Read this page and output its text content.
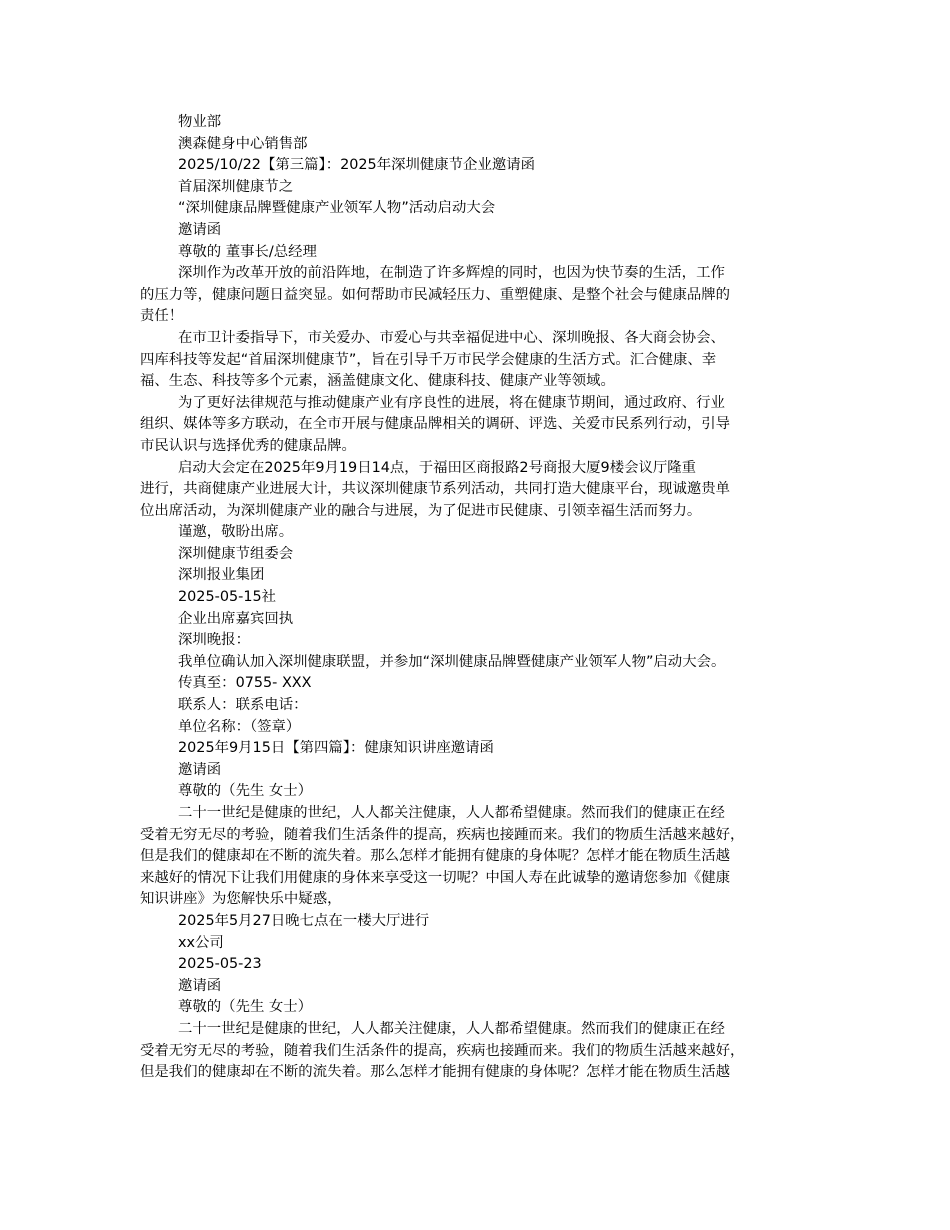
物业部

澳森健身中心销售部

2025/10/22【第三篇】：2025年深圳健康节企业邀请函

首届深圳健康节之

“深圳健康品牌暨健康产业领军人物”活动启动大会

邀请函

尊敬的 董事长/总经理

深圳作为改革开放的前沿阵地，在制造了许多辉煌的同时，也因为快节奏的生活，工作
的压力等，健康问题日益突显。如何帮助市民减轻压力、重塑健康、是整个社会与健康品牌的
责任！

在市卫计委指导下，市关爱办、市爱心与共幸福促进中心、深圳晚报、各大商会协会、
四库科技等发起“首届深圳健康节”，旨在引导千万市民学会健康的生活方式。汇合健康、幸
福、生态、科技等多个元素，涵盖健康文化、健康科技、健康产业等领域。

为了更好法律规范与推动健康产业有序良性的进展，将在健康节期间，通过政府、行业
组织、媒体等多方联动，在全市开展与健康品牌相关的调研、评选、关爱市民系列行动，引导
市民认识与选择优秀的健康品牌。

启动大会定在2025年9月19日14点，于福田区商报路2号商报大厦9楼会议厅隆重
进行，共商健康产业进展大计，共议深圳健康节系列活动，共同打造大健康平台，现诚邀贵单
位出席活动，为深圳健康产业的融合与进展，为了促进市民健康、引领幸福生活而努力。

谨邀，敬盼出席。

深圳健康节组委会

深圳报业集团

2025-05-15社

企业出席嘉宾回执

深圳晚报：

我单位确认加入深圳健康联盟，并参加“深圳健康品牌暨健康产业领军人物”启动大会。

传真至：0755- XXX

联系人：联系电话：

单位名称：（签章）

2025年9月15日【第四篇】：健康知识讲座邀请函

邀请函

尊敬的（先生 女士）

二十一世纪是健康的世纪，人人都关注健康，人人都希望健康。然而我们的健康正在经
受着无穷无尽的考验，随着我们生活条件的提高，疾病也接踵而来。我们的物质生活越来越好，
但是我们的健康却在不断的流失着。那么怎样才能拥有健康的身体呢？怎样才能在物质生活越
来越好的情况下让我们用健康的身体来享受这一切呢？中国人寿在此诚挚的邀请您参加《健康
知识讲座》为您解快乐中疑惑，

2025年5月27日晚七点在一楼大厅进行

xx公司

2025-05-23

邀请函

尊敬的（先生 女士）

二十一世纪是健康的世纪，人人都关注健康，人人都希望健康。然而我们的健康正在经
受着无穷无尽的考验，随着我们生活条件的提高，疾病也接踵而来。我们的物质生活越来越好，
但是我们的健康却在不断的流失着。那么怎样才能拥有健康的身体呢？怎样才能在物质生活越
